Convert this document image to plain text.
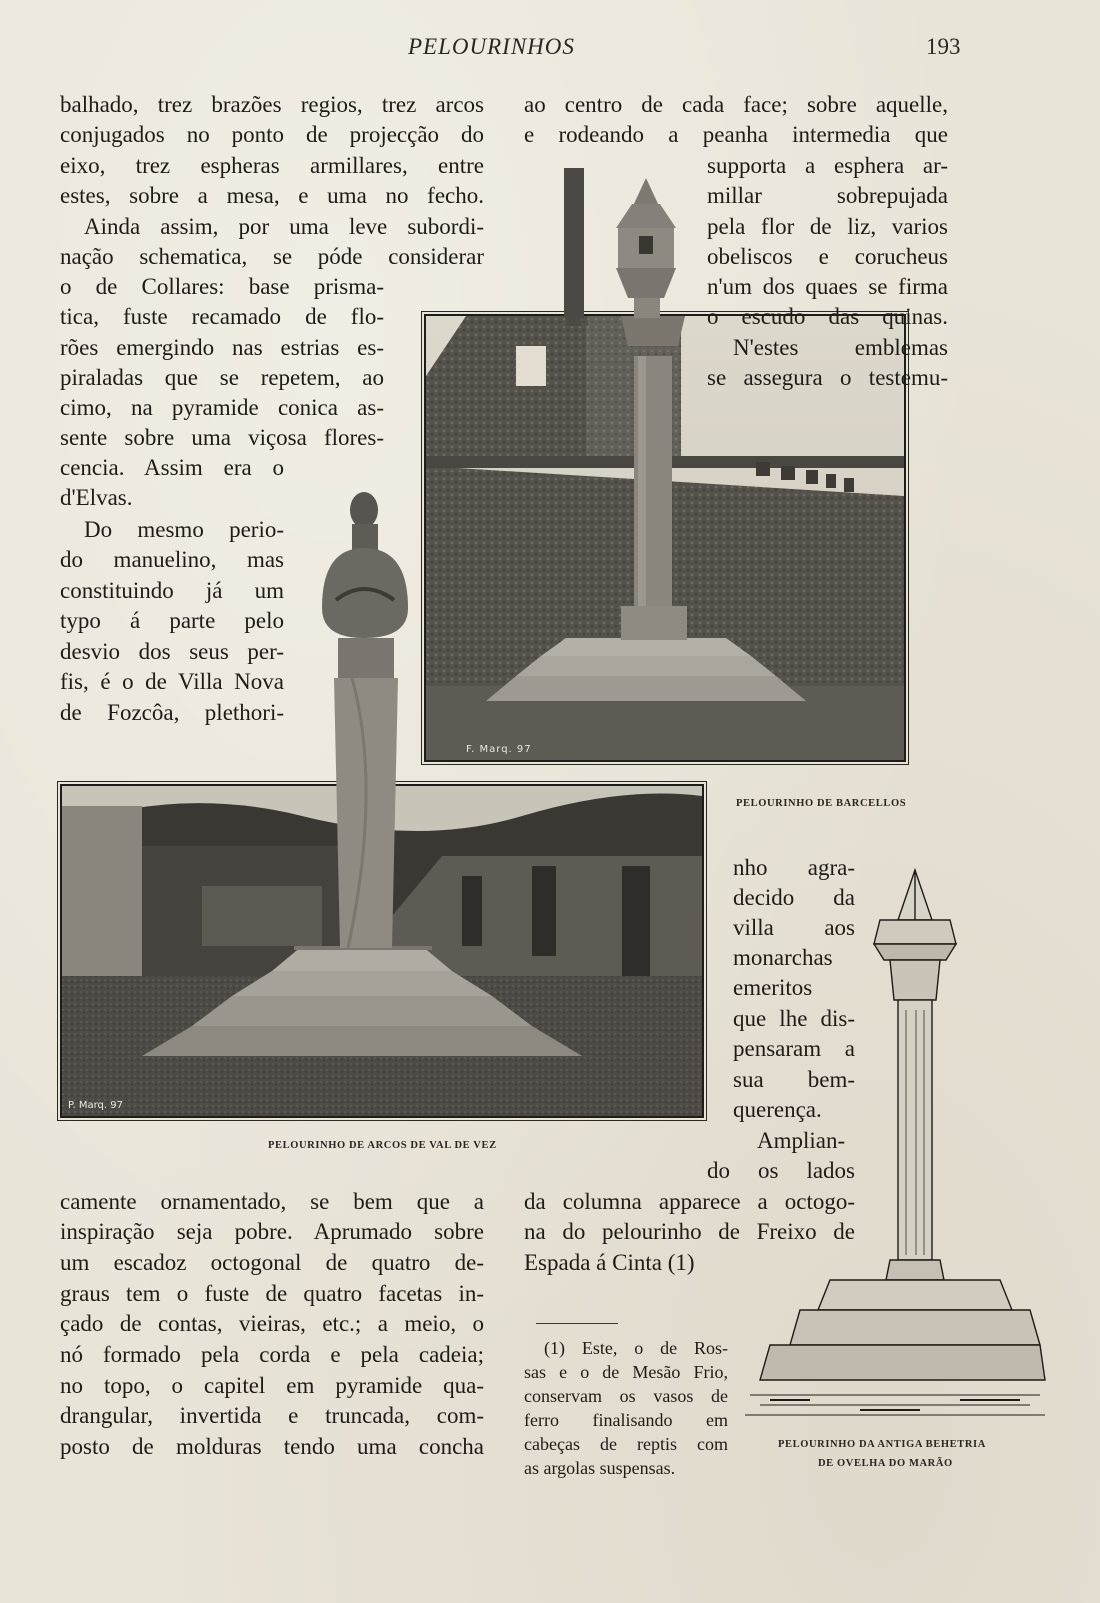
PELOURINHOS	193
F. Marq. 97
PELOURINHO DE BARCELLOS
P. Marq. 97
PELOURINHO DE ARCOS DE VAL DE VEZ
PELOURINHO DA ANTIGA BEHETRIA
DE OVELHA DO MARÃO
balhado, trez brazões regios, trez arcos
conjugados no ponto de projecção do
eixo, trez espheras armillares, entre
estes, sobre a mesa, e uma no fecho.
Ainda assim, por uma leve subordi-
nação schematica, se póde considerar
o de Collares: base prisma-
tica, fuste recamado de flo-
rões emergindo nas estrias es-
piraladas que se repetem, ao
cimo, na pyramide conica as-
sente sobre uma viçosa flores-
cencia. Assim era o
d'Elvas.
Do mesmo perio-
do manuelino, mas
constituindo já um
typo á parte pelo
desvio dos seus per-
fis, é o de Villa Nova
de Fozcôa, plethori-
ao centro de cada face; sobre aquelle,
e rodeando a peanha intermedia que
supporta a esphera ar-
millar sobrepujada
pela flor de liz, varios
obeliscos e corucheus
n'um dos quaes se firma
o escudo das quinas.
N'estes emblemas
se assegura o testemu-
nho agra-
decido da
villa aos
monarchas
emeritos
que lhe dis-
pensaram a
sua bem-
querença.
Amplian-
do os lados
da columna apparece a octogo-
na do pelourinho de Freixo de
Espada á Cinta (1)
(1) Este, o de Ros-
sas e o de Mesão Frio,
conservam os vasos de
ferro finalisando em
cabeças de reptis com
as argolas suspensas.
camente ornamentado, se bem que a
inspiração seja pobre. Aprumado sobre
um escadoz octogonal de quatro de-
graus tem o fuste de quatro facetas in-
çado de contas, vieiras, etc.; a meio, o
nó formado pela corda e pela cadeia;
no topo, o capitel em pyramide qua-
drangular, invertida e truncada, com-
posto de molduras tendo uma concha
